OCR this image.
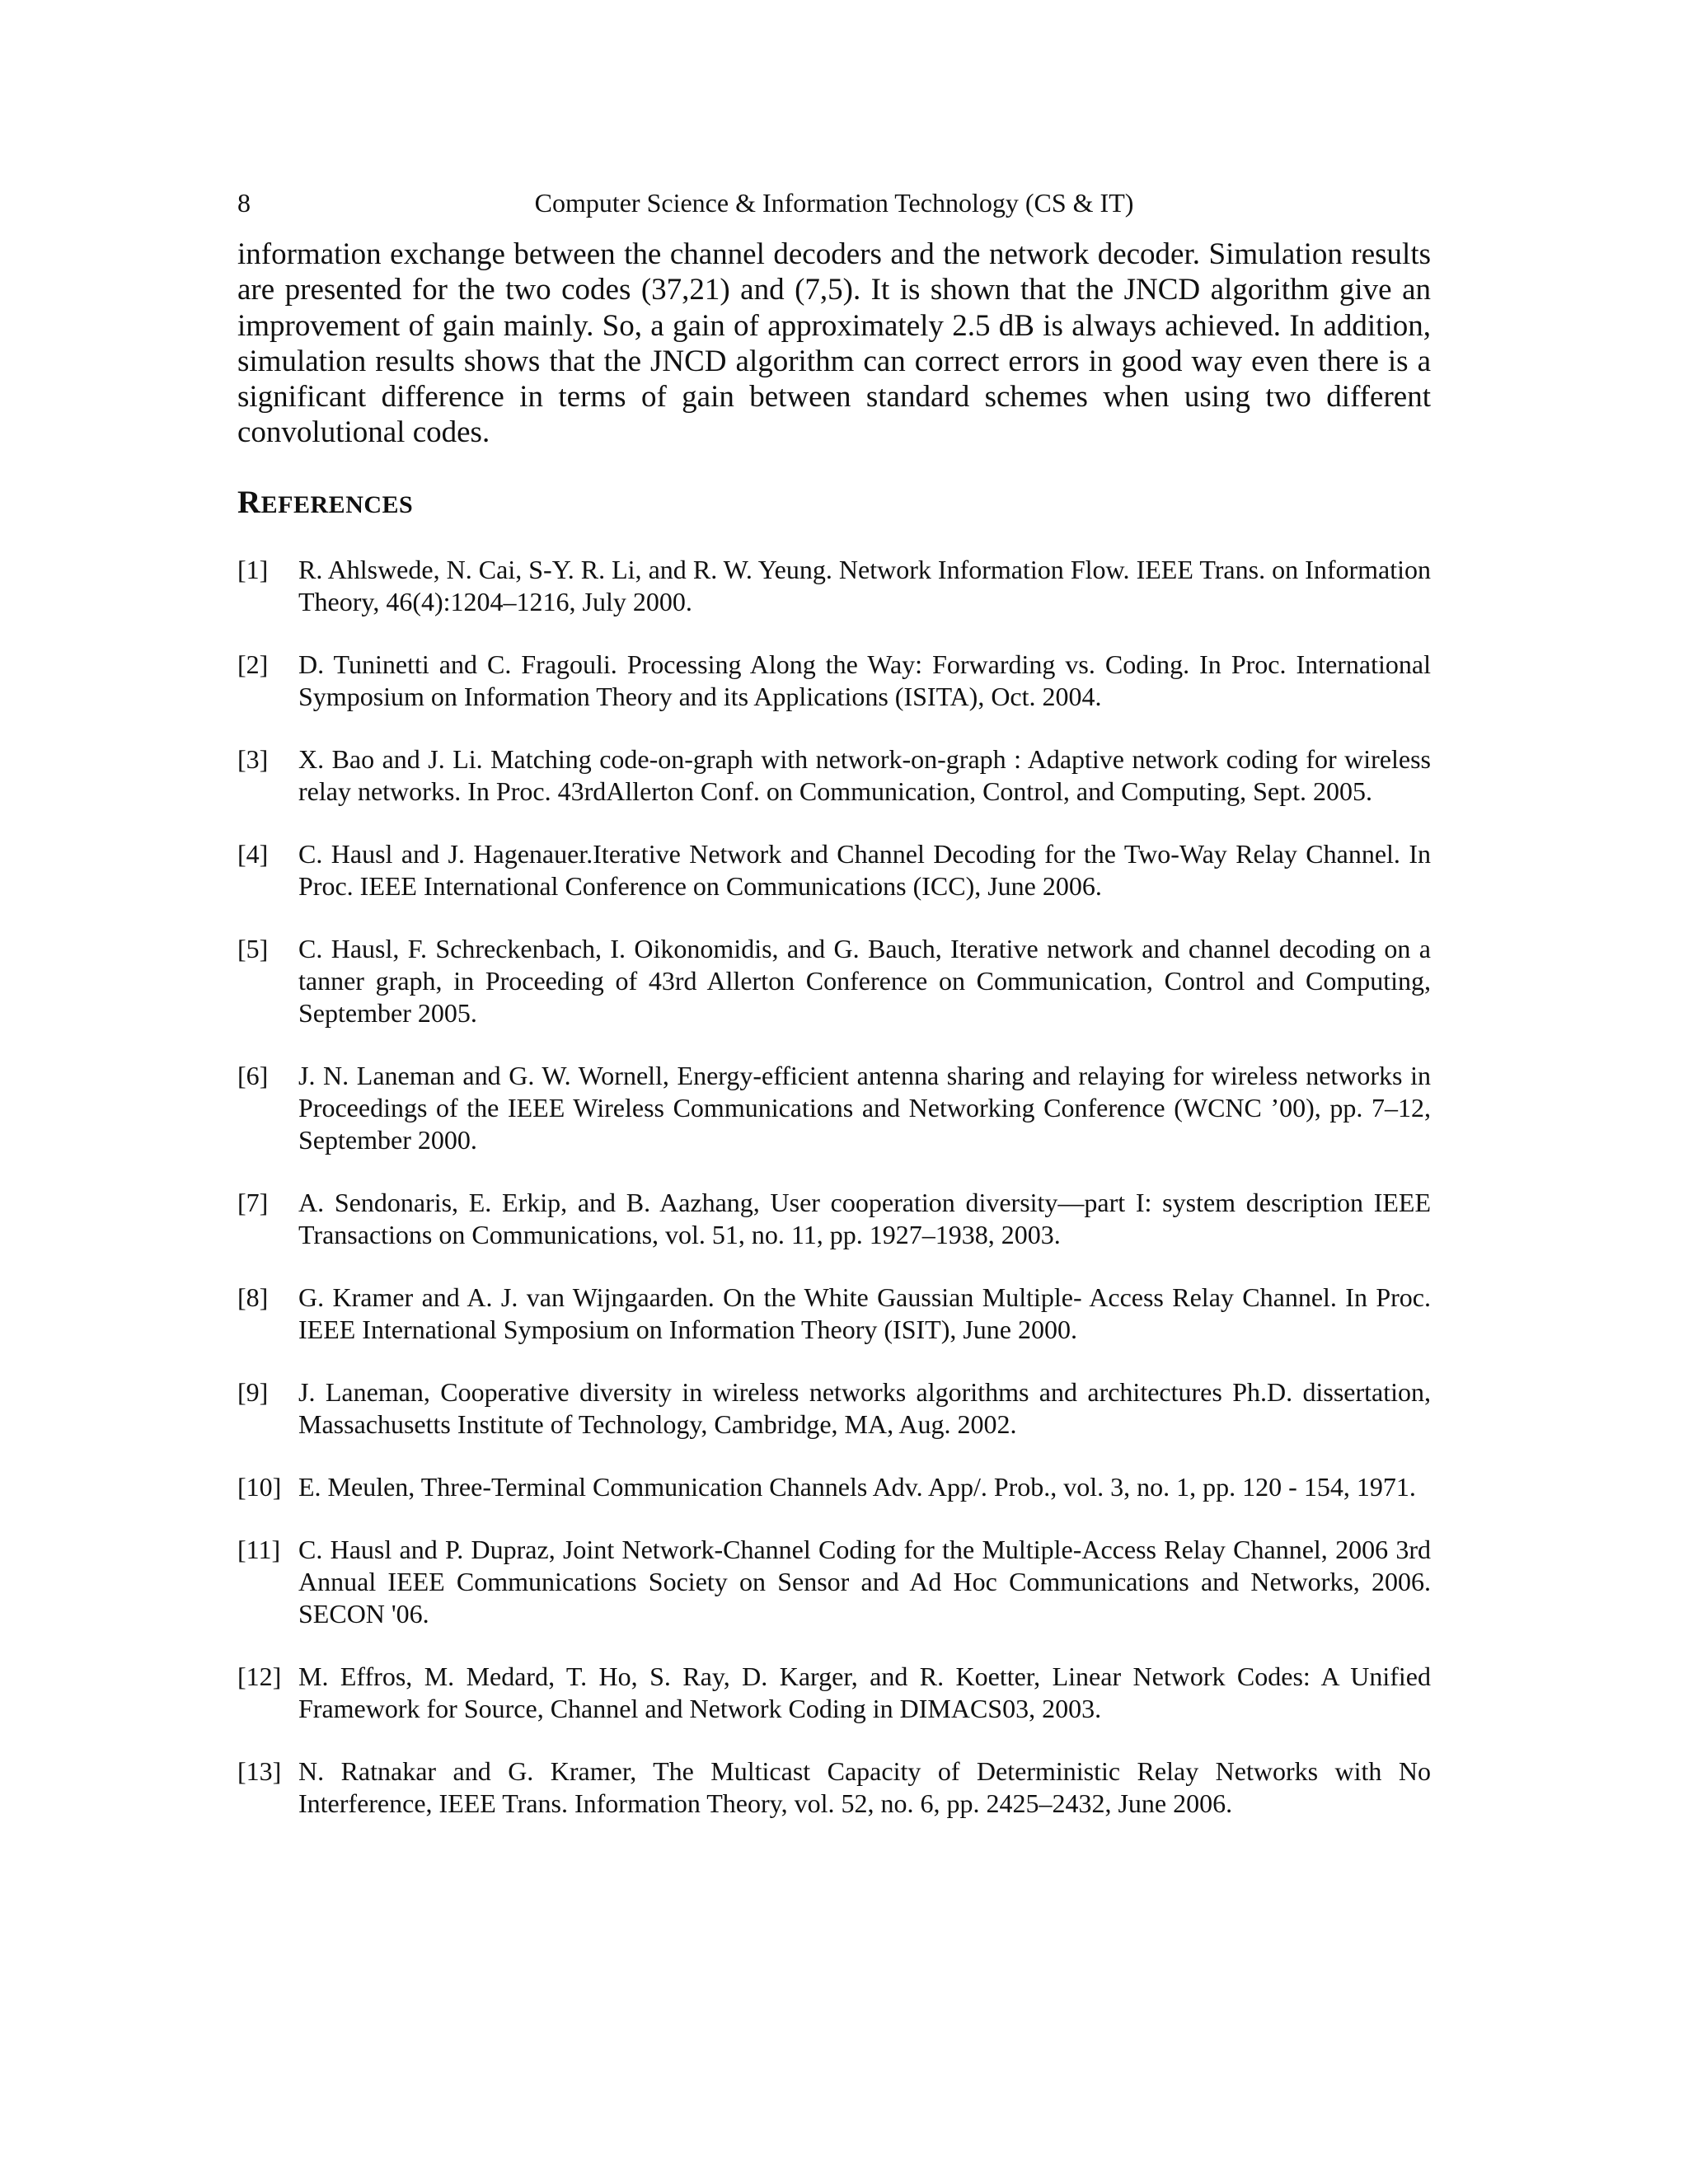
8	Computer Science & Information Technology (CS & IT)

information exchange between the channel decoders and the network decoder. Simulation results are presented for the two codes (37,21) and (7,5). It is shown that the JNCD algorithm give an improvement of gain mainly. So, a gain of approximately 2.5 dB is always achieved. In addition, simulation results shows that the JNCD algorithm can correct errors in good way even there is a significant difference in terms of gain between standard schemes when using two different convolutional codes.

REFERENCES
[1] R. Ahlswede, N. Cai, S-Y. R. Li, and R. W. Yeung. Network Information Flow. IEEE Trans. on Information Theory, 46(4):1204–1216, July 2000.
[2] D. Tuninetti and C. Fragouli. Processing Along the Way: Forwarding vs. Coding. In Proc. International Symposium on Information Theory and its Applications (ISITA), Oct. 2004.
[3] X. Bao and J. Li. Matching code-on-graph with network-on-graph : Adaptive network coding for wireless relay networks. In Proc. 43rdAllerton Conf. on Communication, Control, and Computing, Sept. 2005.
[4] C. Hausl and J. Hagenauer.Iterative Network and Channel Decoding for the Two-Way Relay Channel. In Proc. IEEE International Conference on Communications (ICC), June 2006.
[5] C. Hausl, F. Schreckenbach, I. Oikonomidis, and G. Bauch, Iterative network and channel decoding on a tanner graph, in Proceeding of 43rd Allerton Conference on Communication, Control and Computing, September 2005.
[6] J. N. Laneman and G. W. Wornell, Energy-efficient antenna sharing and relaying for wireless networks in Proceedings of the IEEE Wireless Communications and Networking Conference (WCNC ’00), pp. 7–12, September 2000.
[7] A. Sendonaris, E. Erkip, and B. Aazhang, User cooperation diversity—part I: system description IEEE Transactions on Communications, vol. 51, no. 11, pp. 1927–1938, 2003.
[8] G. Kramer and A. J. van Wijngaarden. On the White Gaussian Multiple- Access Relay Channel. In Proc. IEEE International Symposium on Information Theory (ISIT), June 2000.
[9] J. Laneman, Cooperative diversity in wireless networks algorithms and architectures Ph.D. dissertation, Massachusetts Institute of Technology, Cambridge, MA, Aug. 2002.
[10] E. Meulen, Three-Terminal Communication Channels Adv. App/. Prob., vol. 3, no. 1, pp. 120 - 154, 1971.
[11] C. Hausl and P. Dupraz, Joint Network-Channel Coding for the Multiple-Access Relay Channel, 2006 3rd Annual IEEE Communications Society on Sensor and Ad Hoc Communications and Networks, 2006. SECON '06.
[12] M. Effros, M. Medard, T. Ho, S. Ray, D. Karger, and R. Koetter, Linear Network Codes: A Unified Framework for Source, Channel and Network Coding in DIMACS03, 2003.
[13] N. Ratnakar and G. Kramer, The Multicast Capacity of Deterministic Relay Networks with No Interference, IEEE Trans. Information Theory, vol. 52, no. 6, pp. 2425–2432, June 2006.
